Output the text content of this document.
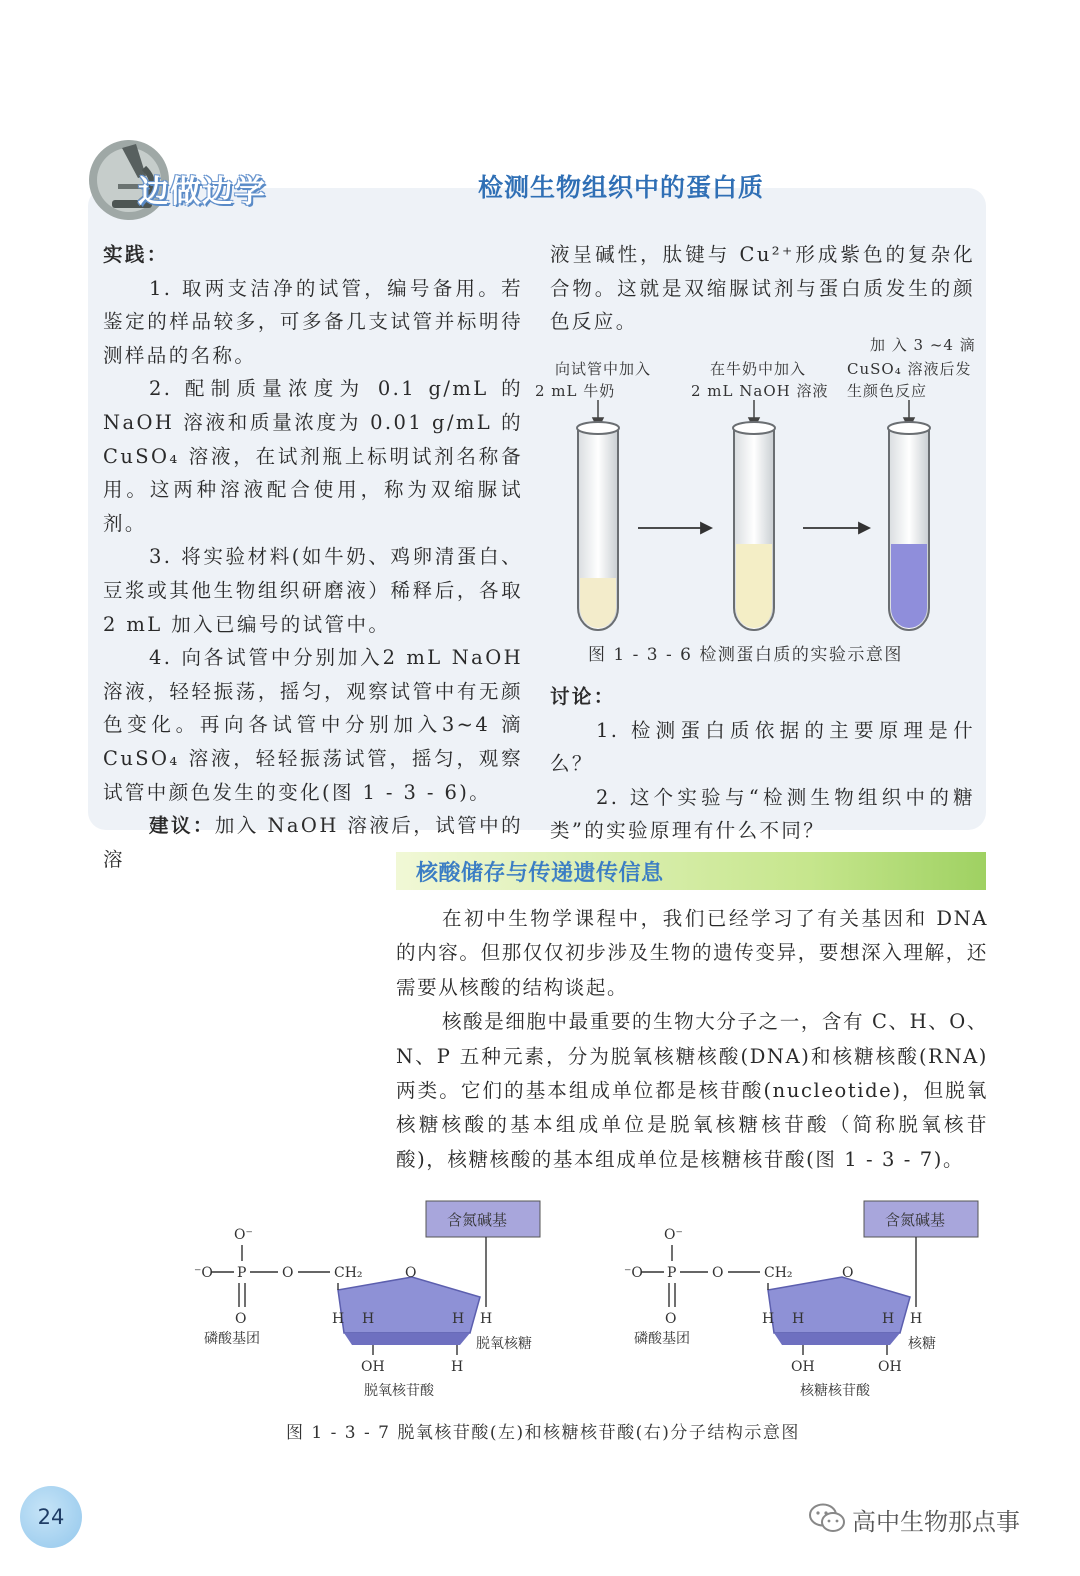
边做边学	检测生物组织中的蛋白质

实践：

1. 取两支洁净的试管，编号备用。若鉴定的样品较多，可多备几支试管并标明待测样品的名称。

2. 配制质量浓度为 0.1 g/mL 的 NaOH 溶液和质量浓度为 0.01 g/mL 的 CuSO₄ 溶液，在试剂瓶上标明试剂名称备用。这两种溶液配合使用，称为双缩脲试剂。

3. 将实验材料(如牛奶、鸡卵清蛋白、豆浆或其他生物组织研磨液）稀释后，各取 2 mL 加入已编号的试管中。

4. 向各试管中分别加入2 mL NaOH 溶液，轻轻振荡，摇匀，观察试管中有无颜色变化。再向各试管中分别加入3~4 滴 CuSO₄ 溶液，轻轻振荡试管，摇匀，观察试管中颜色发生的变化(图 1 - 3 - 6)。

建议：加入 NaOH 溶液后，试管中的溶

液呈碱性，肽键与 Cu²⁺形成紫色的复杂化合物。这就是双缩脲试剂与蛋白质发生的颜色反应。

向试管中加入
2 mL 牛奶
在牛奶中加入
2 mL NaOH 溶液
加 入 3 ~4 滴
CuSO₄ 溶液后发
生颜色反应
图 1 - 3 - 6 检测蛋白质的实验示意图

讨论：

1. 检测蛋白质依据的主要原理是什么？

2. 这个实验与“检测生物组织中的糖类”的实验原理有什么不同？

核酸储存与传递遗传信息

在初中生物学课程中，我们已经学习了有关基因和 DNA 的内容。但那仅仅初步涉及生物的遗传变异，要想深入理解，还需要从核酸的结构谈起。

核酸是细胞中最重要的生物大分子之一，含有 C、H、O、N、P 五种元素，分为脱氧核糖核酸(DNA)和核糖核酸(RNA)两类。它们的基本组成单位都是核苷酸(nucleotide)，但脱氧核糖核酸的基本组成单位是脱氧核糖核苷酸（简称脱氧核苷酸)，核糖核酸的基本组成单位是核糖核苷酸(图 1 - 3 - 7)。

O⁻
⁻O P	O
O
磷酸基团
CH₂	O
含氮碱基
H H	H H
脱氧核糖
OH	H
脱氧核苷酸
O⁻
⁻O P	O
O
磷酸基团
CH₂	O
含氮碱基
H H	H H
核糖
OH	OH
核糖核苷酸
图 1 - 3 - 7 脱氧核苷酸(左)和核糖核苷酸(右)分子结构示意图
24	高中生物那点事
